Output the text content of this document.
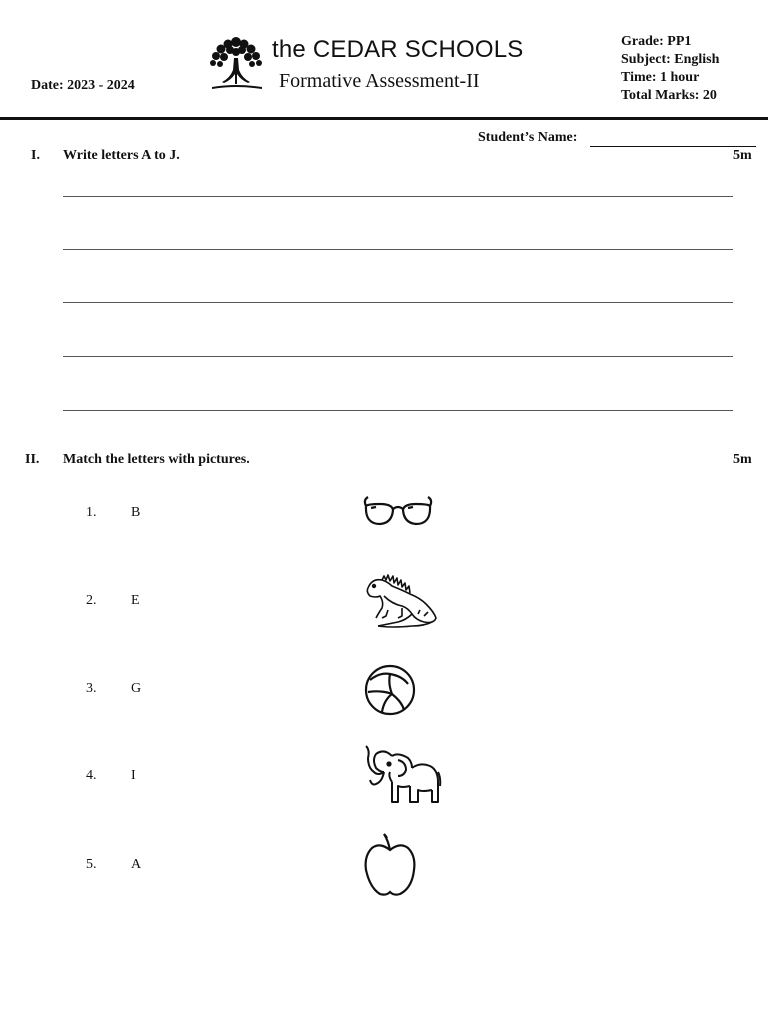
Date: 2023 - 2024
the CEDAR SCHOOLS
Formative Assessment-II
Grade: PP1
Subject: English
Time: 1 hour
Total Marks: 20
Student’s Name:
I. Write letters A to J.	5m
II. Match the letters with pictures.	5m
1. B
2. E
3. G
4. I
5. A
